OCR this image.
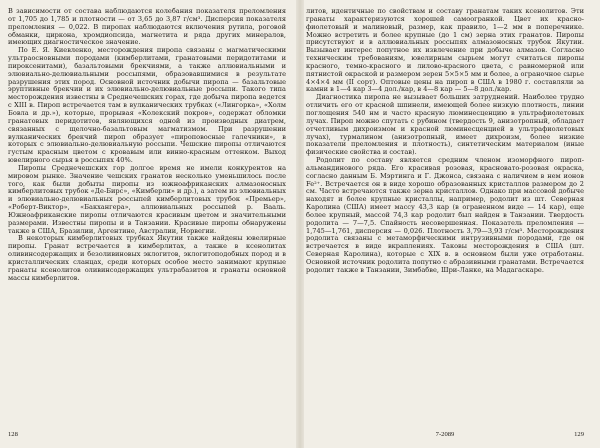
В зависимости от состава наблюдаются колебания показателя преломления от 1,705 до 1,785 и плотности — от 3,65 до 3,87 г/см³. Дисперсия показателя преломления — 0,022. В пиропах наблюдаются включения рутила, роговой обманки, циркона, хромдиопсида, магнетита и ряда других минералов, имеющих диагностическое значение.

По Е. Я. Киевленко, месторождения пиропа связаны с магматическими ультраосновными породами (кимберлитами, гранатовыми перидотитами и пироксенитами), базальтовыми брекчиями, а также аллювиальными и элювиально-делювиальными россыпями, образовавшимися в результате разрушения этих пород. Основной источник добычи пиропа — базальтовые эруптивные брекчии и их элювиально-делювиальные россыпи. Такого типа месторождения известны в Среднечешских горах, где добыча пиропа ведется с XIII в. Пироп встречается там в вулканических трубках («Лингорка», «Холм Бовла и др.»), которые, прорывая «Колекский покров», содержат обломки гранатовых перидотитов, являющихся одной из производных диатрем, связанных с щелочно-базальтовым магматизмом. При разрушении вулканических брекчий пироп образует «пироповосные галечники», в которых с элювиально-делювиальную россыпи. Чешские пиропы отличаются густым красным цветом с кровавым или винно-красным оттенком. Выход ювелирного сырья в россыпях 40%.

Пиропы Среднечешских гор долгое время не имели конкурентов на мировом рынке. Значение чешских гранатов несколько уменьшилось после того, как были добыты пиропы из южноафриканских алмазоносных кимберлитовых трубок «Де-Бирс», «Кимберли» и др.), а затем из элювиальных и элювиально-делювиальных россыпей кимберлитовых трубок «Премьер», «Роберт-Виктор», «Бакхангера», аллювиальных россыпей р. Вааль. Южноафриканские пиропы отличаются красивым цветом и значительными размерами. Известны пиропы и в Танзании. Красивые пиропы обнаружены также в США, Бразилии, Аргентине, Австралии, Норвегии.

В некоторых кимберлитовых трубках Якутии также найдены ювелирные пиропы. Гранат встречается в кимберлитах, а также в ксенолитах оливинсодержащих и безоливиновых эклогитов, эклогитоподобных пород и в кристаллических сланцах, среди которых особое место занимают крупные гранаты ксенолитов оливинсодержащих ультрабазитов и гранаты основной массы кимберлитов.

128

литов, идентичные по свойствам и составу гранатам таких ксенолитов. Эти гранаты характеризуются хорошей самоогранкой. Цвет их красно-фиолетовый и малиновый, размер, как правило, 1—2 мм в поперечнике. Можно встретить и более крупные (до 1 см) зерна этих гранатов. Пиропы присутствуют и в аллювиальных россыпях алмазоносных трубок Якутии. Вызывает интерес попутное их извлечение при добыче алмазов. Согласно техническим требованиям, ювелирным сырьем могут считаться пиропы красного, темно-красного и лилово-красного цвета, с равномерной или пятнистой окраской и размером зерен 5×5×5 мм и более, а ограночное сырье 4×4×4 мм (II сорт). Оптовые цены на пироп в США в 1980 г. составляли за камни в 1—4 кар 3—4 дол./кар, в 4—8 кар — 5—8 дол./кар.

Диагностика пиропа не вызывает больших затруднений. Наиболее трудно отличить его от красной шпинели, имеющей более низкую плотность, линии поглощения 540 нм и часто красную люминесценцию в ультрафиолетовых лучах. Пироп можно спутать с рубином (твердость 9, анизотропный, обладает отчетливым дихроизмом и красной люминесценцией в ультрафиолетовых лучах), турмалином (анизотропный, имеет дихроизм, более низкие показатели преломления и плотность), синтетическим материалом (иные физические свойства и состав).

Родолит по составу является средним членом изоморфного пироп-альмандинового ряда. Его красивая розовая, красновато-розовая окраска, согласно данным Б. Мэртинга и Г. Джонса, связана с наличием в нем ионов Fe²⁺. Встречается он в виде хорошо образованных кристаллов размером до 2 см. Часто встречаются также зерна кристаллов. Однако при массовой добыче находят и более крупные кристаллы, например, родолит из шт. Северная Каролина (США) имеет массу 43,3 кар (в ограненном виде — 14 кар), еще более крупный, массой 74,3 кар родолит был найден в Танзании. Твердость родолита — 7—7,5. Спайность несовершенная. Показатель преломления — 1,745—1,761, дисперсия — 0,026. Плотность 3,79—3,93 г/см³. Месторождения родолита связаны с метаморфическими интрузивными породами, где он встречается в виде вкраплениях. Таковы месторождения в США (шт. Северная Каролина), которые с XIX в. в основном были уже отработаны. Основной источник родолита попутно с абразивными гранатами. Встречается родолит также в Танзании, Зимбабве, Шри-Ланке, на Мадагаскаре.

7-2089	129
